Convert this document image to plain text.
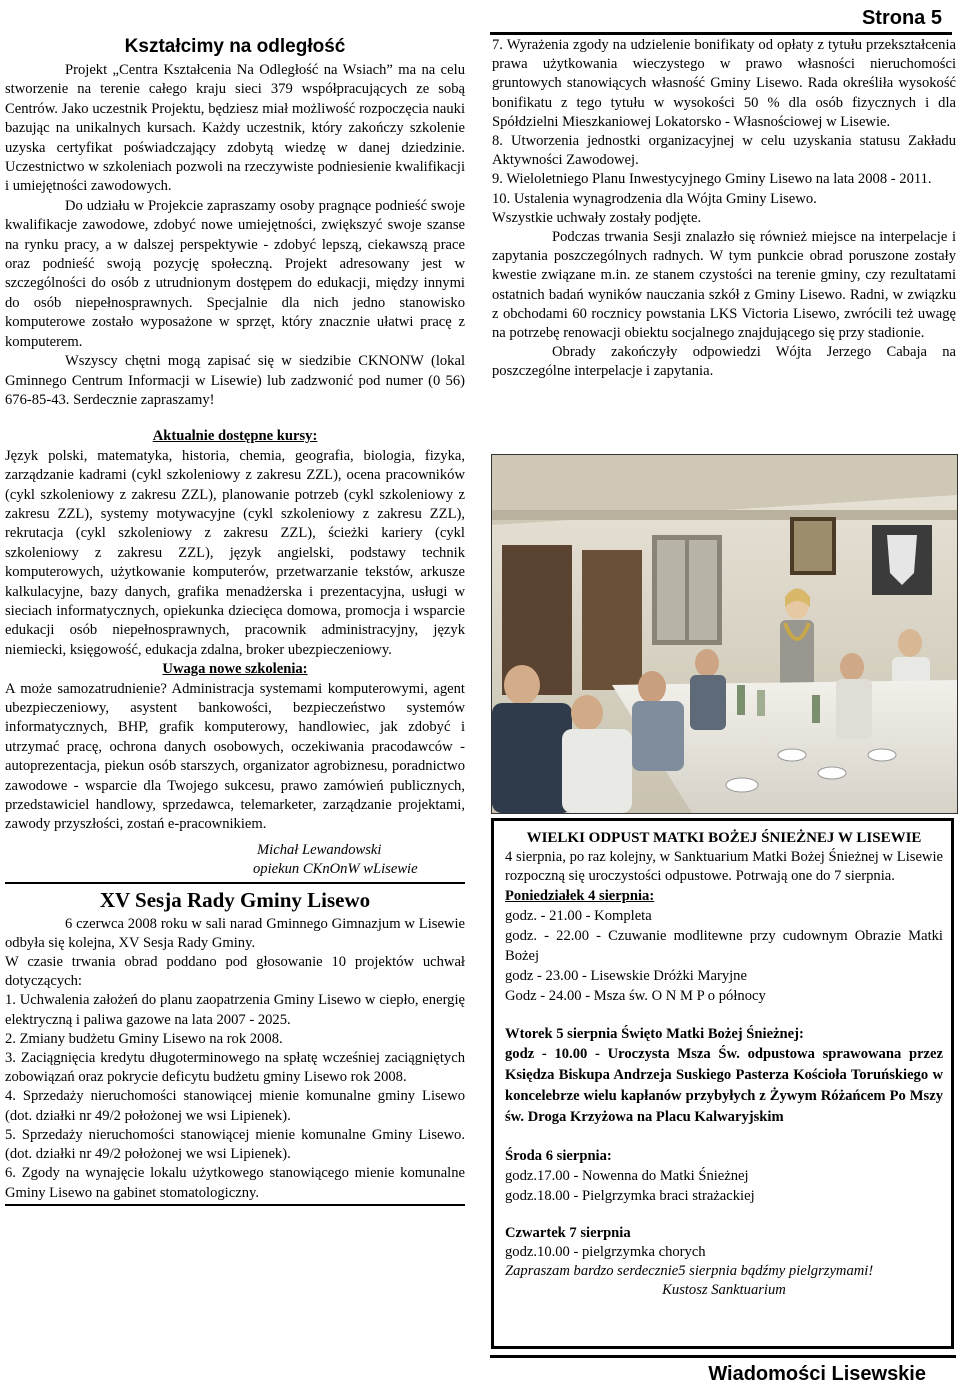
Strona 5
Kształcimy na odległość

Projekt „Centra Kształcenia Na Odległość na Wsiach” ma na celu stworzenie na terenie całego kraju sieci 379 współpracujących ze sobą Centrów. Jako uczestnik Projektu, będziesz miał możliwość rozpoczęcia nauki bazując na unikalnych kursach. Każdy uczestnik, który zakończy szkolenie uzyska certyfikat poświadczający zdobytą wiedzę w danej dziedzinie. Uczestnictwo w szkoleniach pozwoli na rzeczywiste podniesienie kwalifikacji i umiejętności zawodowych.

Do udziału w Projekcie zapraszamy osoby pragnące podnieść swoje kwalifikacje zawodowe, zdobyć nowe umiejętności, zwiększyć swoje szanse na rynku pracy, a w dalszej perspektywie - zdobyć lepszą, ciekawszą prace oraz podnieść swoją pozycję społeczną. Projekt adresowany jest w szczególności do osób z utrudnionym dostępem do edukacji, między innymi do osób niepełnosprawnych. Specjalnie dla nich jedno stanowisko komputerowe zostało wyposażone w sprzęt, który znacznie ułatwi pracę z komputerem.

Wszyscy chętni mogą zapisać się w siedzibie CKNONW (lokal Gminnego Centrum Informacji w Lisewie) lub zadzwonić pod numer (0 56) 676-85-43. Serdecznie zapraszamy!

Aktualnie dostępne kursy:

Język polski, matematyka, historia, chemia, geografia, biologia, fizyka, zarządzanie kadrami (cykl szkoleniowy z zakresu ZZL), ocena pracowników (cykl szkoleniowy z zakresu ZZL), planowanie potrzeb (cykl szkoleniowy z zakresu ZZL), systemy motywacyjne (cykl szkoleniowy z zakresu ZZL), rekrutacja (cykl szkoleniowy z zakresu ZZL), ścieżki kariery (cykl szkoleniowy z zakresu ZZL), język angielski, podstawy technik komputerowych, użytkowanie komputerów, przetwarzanie tekstów, arkusze kalkulacyjne, bazy danych, grafika menadżerska i prezentacyjna, usługi w sieciach informatycznych, opiekunka dziecięca domowa, promocja i wsparcie edukacji osób niepełnosprawnych, pracownik administracyjny, język niemiecki, księgowość, edukacja zdalna, broker ubezpieczeniowy.

Uwaga nowe szkolenia:

A może samozatrudnienie? Administracja systemami komputerowymi, agent ubezpieczeniowy, asystent bankowości, bezpieczeństwo systemów informatycznych, BHP, grafik komputerowy, handlowiec, jak zdobyć i utrzymać pracę, ochrona danych osobowych, oczekiwania pracodawców - autoprezentacja, piekun osób starszych, organizator agrobiznesu, poradnictwo zawodowe - wsparcie dla Twojego sukcesu, prawo zamówień publicznych, przedstawiciel handlowy, sprzedawca, telemarketer, zarządzanie projektami, zawody przyszłości, zostań e-pracownikiem.

Michał Lewandowski

opiekun CKnOnW wLisewie

XV Sesja Rady Gminy Lisewo

6 czerwca 2008 roku w sali narad Gminnego Gimnazjum w Lisewie odbyła się kolejna, XV Sesja Rady Gminy.

W czasie trwania obrad poddano pod głosowanie 10 projektów uchwał dotyczących:

1. Uchwalenia założeń do planu zaopatrzenia Gminy Lisewo w ciepło, energię elektryczną i paliwa gazowe na lata 2007 - 2025.

2. Zmiany budżetu Gminy Lisewo na rok 2008.

3. Zaciągnięcia kredytu długoterminowego na spłatę wcześniej zaciągniętych zobowiązań oraz pokrycie deficytu budżetu gminy Lisewo rok 2008.

4. Sprzedaży nieruchomości stanowiącej mienie komunalne gminy Lisewo (dot. działki nr 49/2 położonej we wsi Lipienek).

5. Sprzedaży nieruchomości stanowiącej mienie komunalne Gminy Lisewo. (dot. działki nr 49/2 położonej we wsi Lipienek).

6. Zgody na wynajęcie lokalu użytkowego stanowiącego mienie komunalne Gminy Lisewo na gabinet stomatologiczny.

7. Wyrażenia zgody na udzielenie bonifikaty od opłaty z tytułu przekształcenia prawa użytkowania wieczystego w prawo własności nieruchomości gruntowych stanowiących własność Gminy Lisewo. Rada określiła wysokość bonifikatu z tego tytułu w wysokości 50 % dla osób fizycznych i dla Spółdzielni Mieszkaniowej Lokatorsko - Własnościowej w Lisewie.

8. Utworzenia jednostki organizacyjnej w celu uzyskania statusu Zakładu Aktywności Zawodowej.

9. Wieloletniego Planu Inwestycyjnego Gminy Lisewo na lata 2008 - 2011.

10. Ustalenia wynagrodzenia dla Wójta Gminy Lisewo.

Wszystkie uchwały zostały podjęte.

Podczas trwania Sesji znalazło się również miejsce na interpelacje i zapytania poszczególnych radnych. W tym punkcie obrad poruszone zostały kwestie związane m.in. ze stanem czystości na terenie gminy, czy rezultatami ostatnich badań wyników nauczania szkół z Gminy Lisewo. Radni, w związku z obchodami 60 rocznicy powstania LKS Victoria Lisewo, zwrócili też uwagę na potrzebę renowacji obiektu socjalnego znajdującego się przy stadionie.

Obrady zakończyły odpowiedzi Wójta Jerzego Cabaja na poszczególne interpelacje i zapytania.

WIELKI ODPUST MATKI BOŻEJ ŚNIEŻNEJ W LISEWIE

4 sierpnia, po raz kolejny, w Sanktuarium Matki Bożej Śnieżnej w Lisewie rozpoczną się uroczystości odpustowe. Potrwają one do 7 sierpnia.

Poniedziałek 4 sierpnia:

godz. - 21.00 - Kompleta

godz. - 22.00 - Czuwanie modlitewne przy cudownym Obrazie Matki Bożej

godz - 23.00 - Lisewskie Dróżki Maryjne

Godz - 24.00 - Msza św. O N M P o północy

Wtorek 5 sierpnia Święto Matki Bożej Śnieżnej:

godz - 10.00 - Uroczysta Msza Św. odpustowa sprawowana przez Księdza Biskupa Andrzeja Suskiego Pasterza Kościoła Toruńskiego w koncelebrze wielu kapłanów przybyłych z Żywym Różańcem Po Mszy św. Droga Krzyżowa na Placu Kalwaryjskim

Środa 6 sierpnia:

godz.17.00 - Nowenna do Matki Śnieżnej

godz.18.00 - Pielgrzymka braci strażackiej

Czwartek 7 sierpnia

godz.10.00 - pielgrzymka chorych

Zapraszam bardzo serdecznie5 sierpnia bądźmy pielgrzymami!

Kustosz Sanktuarium

Wiadomości Lisewskie
